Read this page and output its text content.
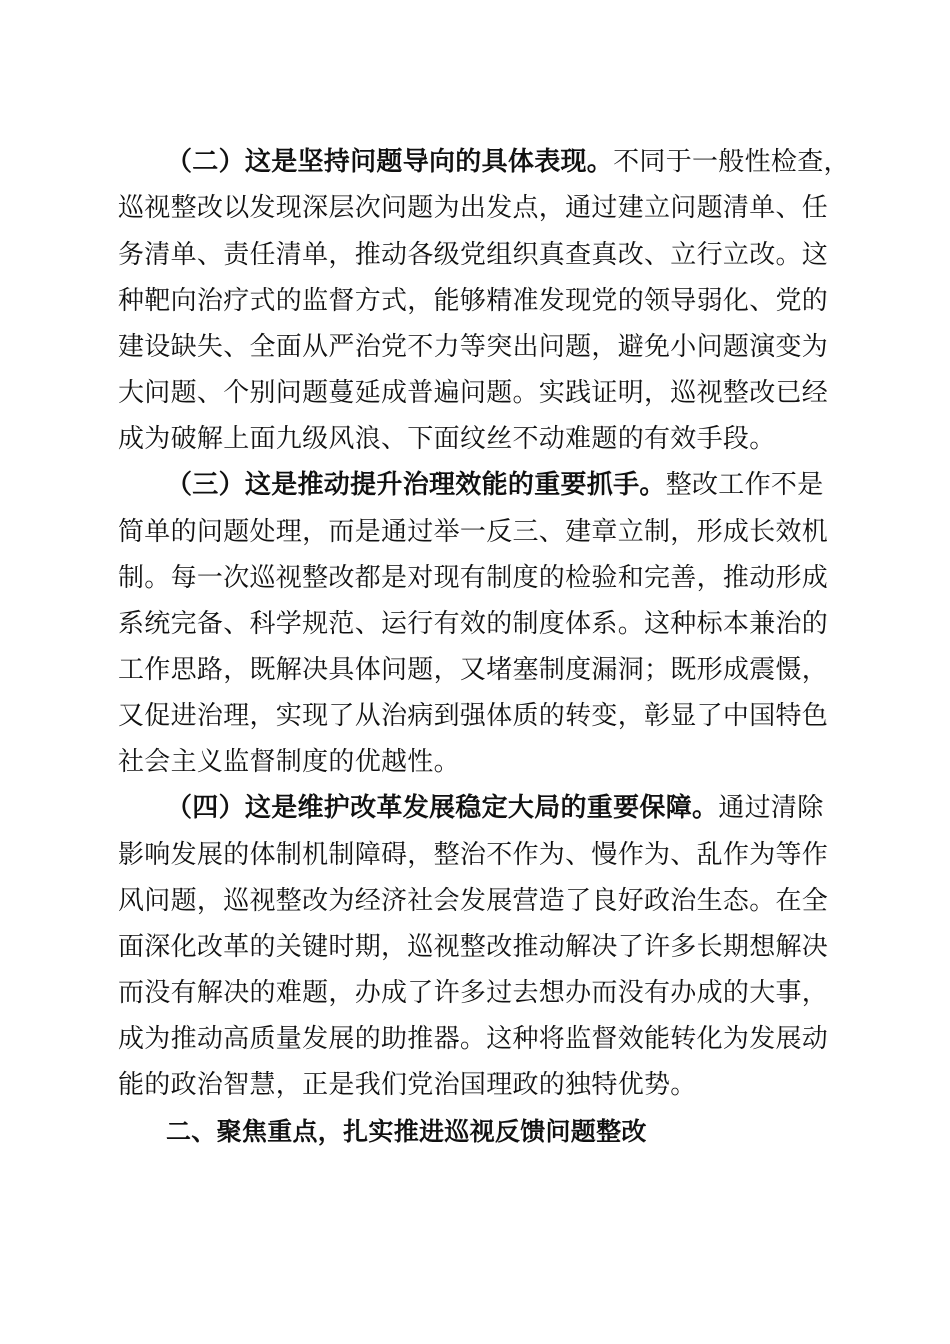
（二）这是坚持问题导向的具体表现。不同于一般性检查，
巡视整改以发现深层次问题为出发点，通过建立问题清单、任
务清单、责任清单，推动各级党组织真查真改、立行立改。这
种靶向治疗式的监督方式，能够精准发现党的领导弱化、党的
建设缺失、全面从严治党不力等突出问题，避免小问题演变为
大问题、个别问题蔓延成普遍问题。实践证明，巡视整改已经
成为破解上面九级风浪、下面纹丝不动难题的有效手段。
（三）这是推动提升治理效能的重要抓手。整改工作不是
简单的问题处理，而是通过举一反三、建章立制，形成长效机
制。每一次巡视整改都是对现有制度的检验和完善，推动形成
系统完备、科学规范、运行有效的制度体系。这种标本兼治的
工作思路，既解决具体问题，又堵塞制度漏洞；既形成震慑，
又促进治理，实现了从治病到强体质的转变，彰显了中国特色
社会主义监督制度的优越性。
（四）这是维护改革发展稳定大局的重要保障。通过清除
影响发展的体制机制障碍，整治不作为、慢作为、乱作为等作
风问题，巡视整改为经济社会发展营造了良好政治生态。在全
面深化改革的关键时期，巡视整改推动解决了许多长期想解决
而没有解决的难题，办成了许多过去想办而没有办成的大事，
成为推动高质量发展的助推器。这种将监督效能转化为发展动
能的政治智慧，正是我们党治国理政的独特优势。
二、聚焦重点，扎实推进巡视反馈问题整改
